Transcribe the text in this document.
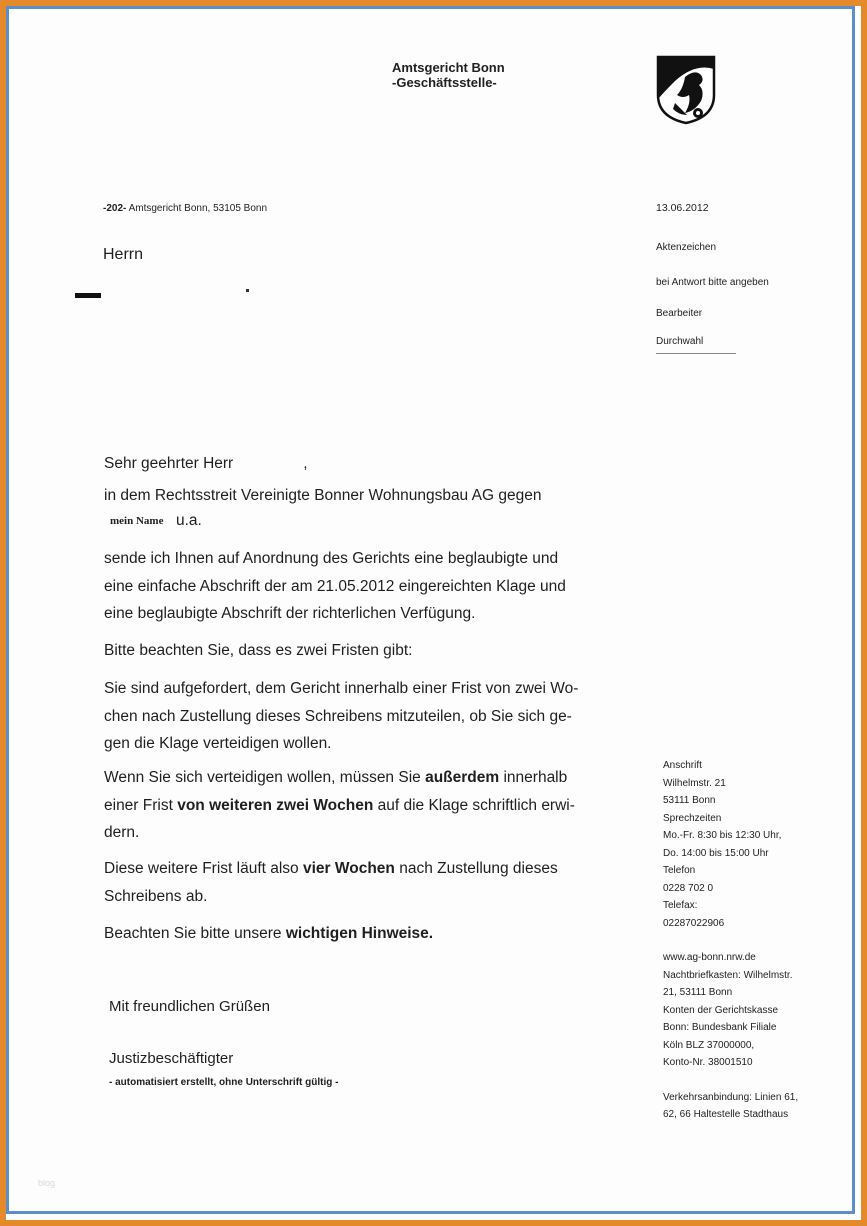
Amtsgericht Bonn
-Geschäftsstelle-
-202- Amtsgericht Bonn, 53105 Bonn	13.06.2012
Aktenzeichen
bei Antwort bitte angeben
Bearbeiter
Durchwahl
Herrn
Sehr geehrter Herr	,
in dem Rechtsstreit Vereinigte Bonner Wohnungsbau AG gegen
mein Name u.a.
sende ich Ihnen auf Anordnung des Gerichts eine beglaubigte und
eine einfache Abschrift der am 21.05.2012 eingereichten Klage und
eine beglaubigte Abschrift der richterlichen Verfügung.
Bitte beachten Sie, dass es zwei Fristen gibt:
Sie sind aufgefordert, dem Gericht innerhalb einer Frist von zwei Wo-
chen nach Zustellung dieses Schreibens mitzuteilen, ob Sie sich ge-
gen die Klage verteidigen wollen.
Wenn Sie sich verteidigen wollen, müssen Sie außerdem innerhalb
einer Frist von weiteren zwei Wochen auf die Klage schriftlich erwi-
dern.
Diese weitere Frist läuft also vier Wochen nach Zustellung dieses
Schreibens ab.
Beachten Sie bitte unsere wichtigen Hinweise.
Mit freundlichen Grüßen
Justizbeschäftigter
- automatisiert erstellt, ohne Unterschrift gültig -
Anschrift
Wilhelmstr. 21
53111 Bonn
Sprechzeiten
Mo.-Fr. 8:30 bis 12:30 Uhr,
Do. 14:00 bis 15:00 Uhr
Telefon
0228 702 0
Telefax:
02287022906
www.ag-bonn.nrw.de
Nachtbriefkasten: Wilhelmstr.
21, 53111 Bonn
Konten der Gerichtskasse
Bonn: Bundesbank Filiale
Köln BLZ 37000000,
Konto-Nr. 38001510
Verkehrsanbindung: Linien 61,
62, 66 Haltestelle Stadthaus
blog
